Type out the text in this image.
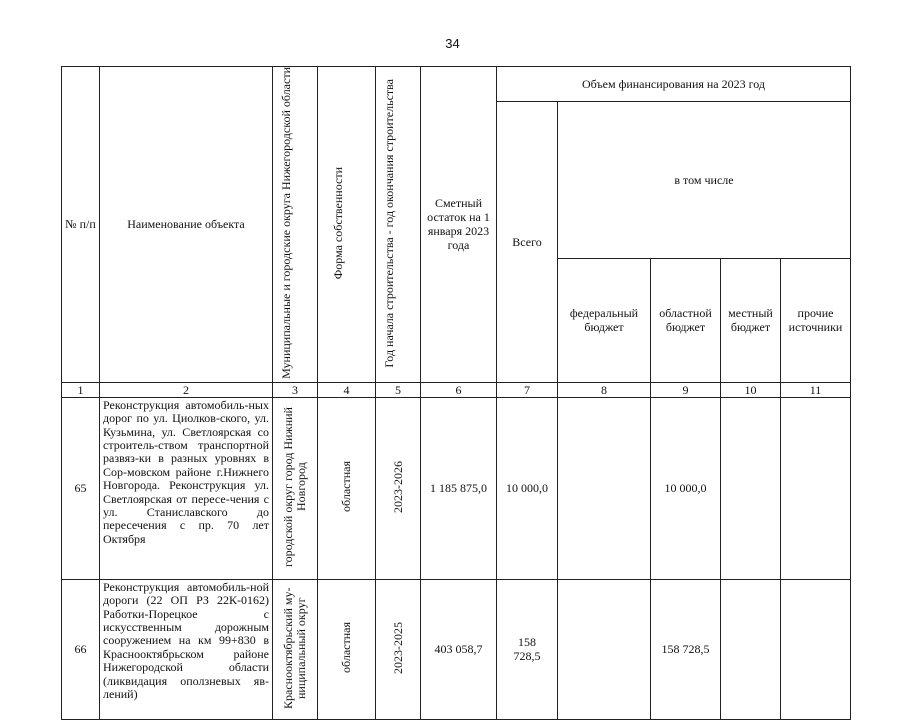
34
№ п/п	Наименование объекта	Муниципальные и городские округа Нижегородской области	Форма собственности	Год начала строительства - год окончания строительства	Сметный остаток на 1 января 2023 года	Объем финансирования на 2023 год				
						Всего	в том числе			
							федеральный бюджет	областной бюджет	местный бюджет	прочие источники
1	2	3	4	5	6	7	8	9	10	11
65	Реконструкция автомобиль-ных дорог по ул. Циолков-ского, ул. Кузьмина, ул. Светлоярская со строитель-ством транспортной развяз-ки в разных уровнях в Сор-мовском районе г.Нижнего Новгорода. Реконструкция ул. Светлоярская от пересе-чения с ул. Станиславского до пересечения с пр. 70 лет Октября	городской округ город Нижний Новгород	областная	2023-2026	1 185 875,0	10 000,0		10 000,0		
66	Реконструкция автомобиль-ной дороги (22 ОП РЗ 22К-0162) Работки-Порецкое с искусственным дорожным сооружением на км 99+830 в Краснооктябрьском районе Нижегородской области (ликвидация оползневых яв-лений)	Краснооктябрьский му-ниципальный округ	областная	2023-2025	403 058,7	158 728,5		158 728,5		
